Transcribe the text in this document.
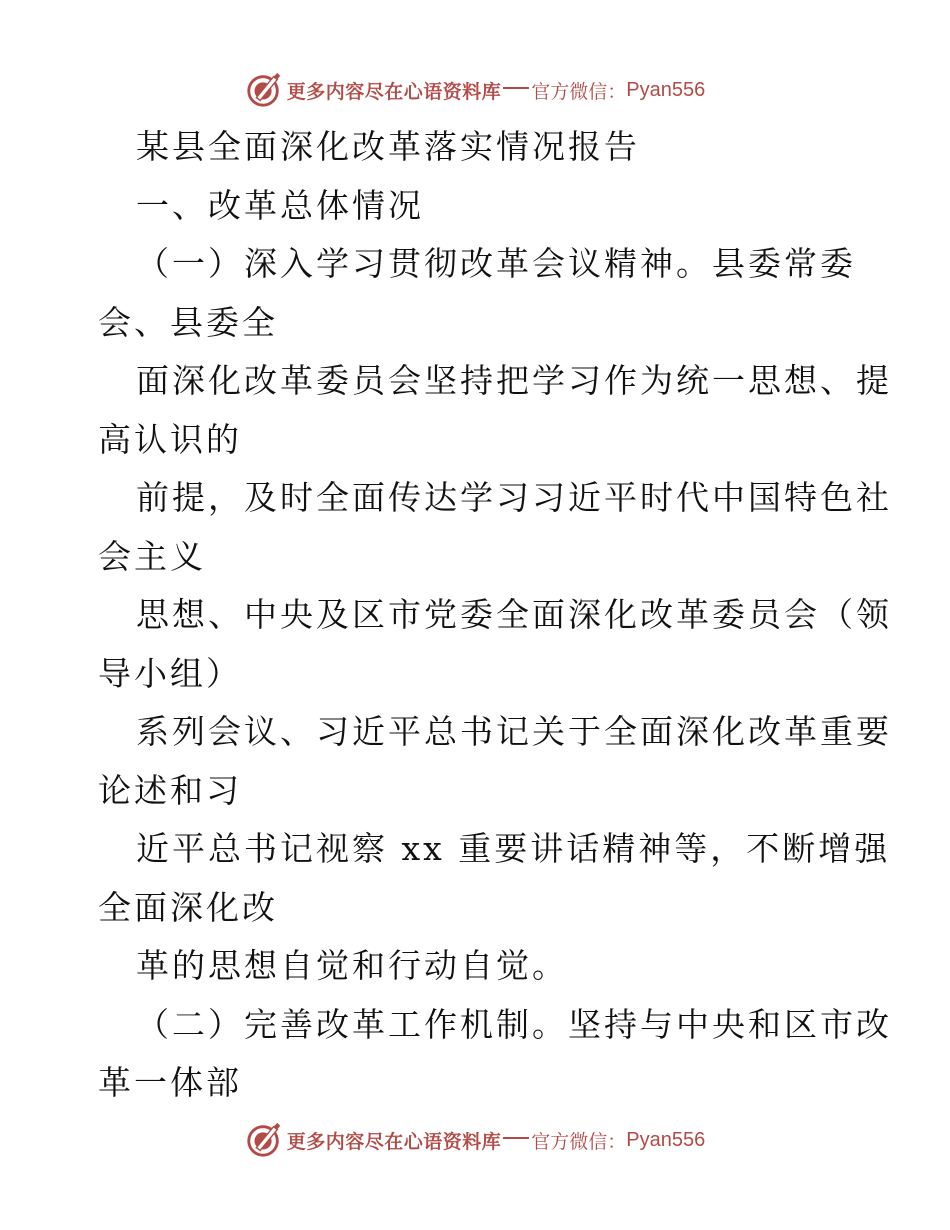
更多内容尽在心语资料库 官方微信： Pyan556
某县全面深化改革落实情况报告
一、改革总体情况
（一）深入学习贯彻改革会议精神。县委常委
会、县委全
面深化改革委员会坚持把学习作为统一思想、提
高认识的
前提，及时全面传达学习习近平时代中国特色社
会主义
思想、中央及区市党委全面深化改革委员会（领
导小组）
系列会议、习近平总书记关于全面深化改革重要
论述和习
近平总书记视察 xx 重要讲话精神等，不断增强
全面深化改
革的思想自觉和行动自觉。
（二）完善改革工作机制。坚持与中央和区市改
革一体部
更多内容尽在心语资料库 官方微信： Pyan556
